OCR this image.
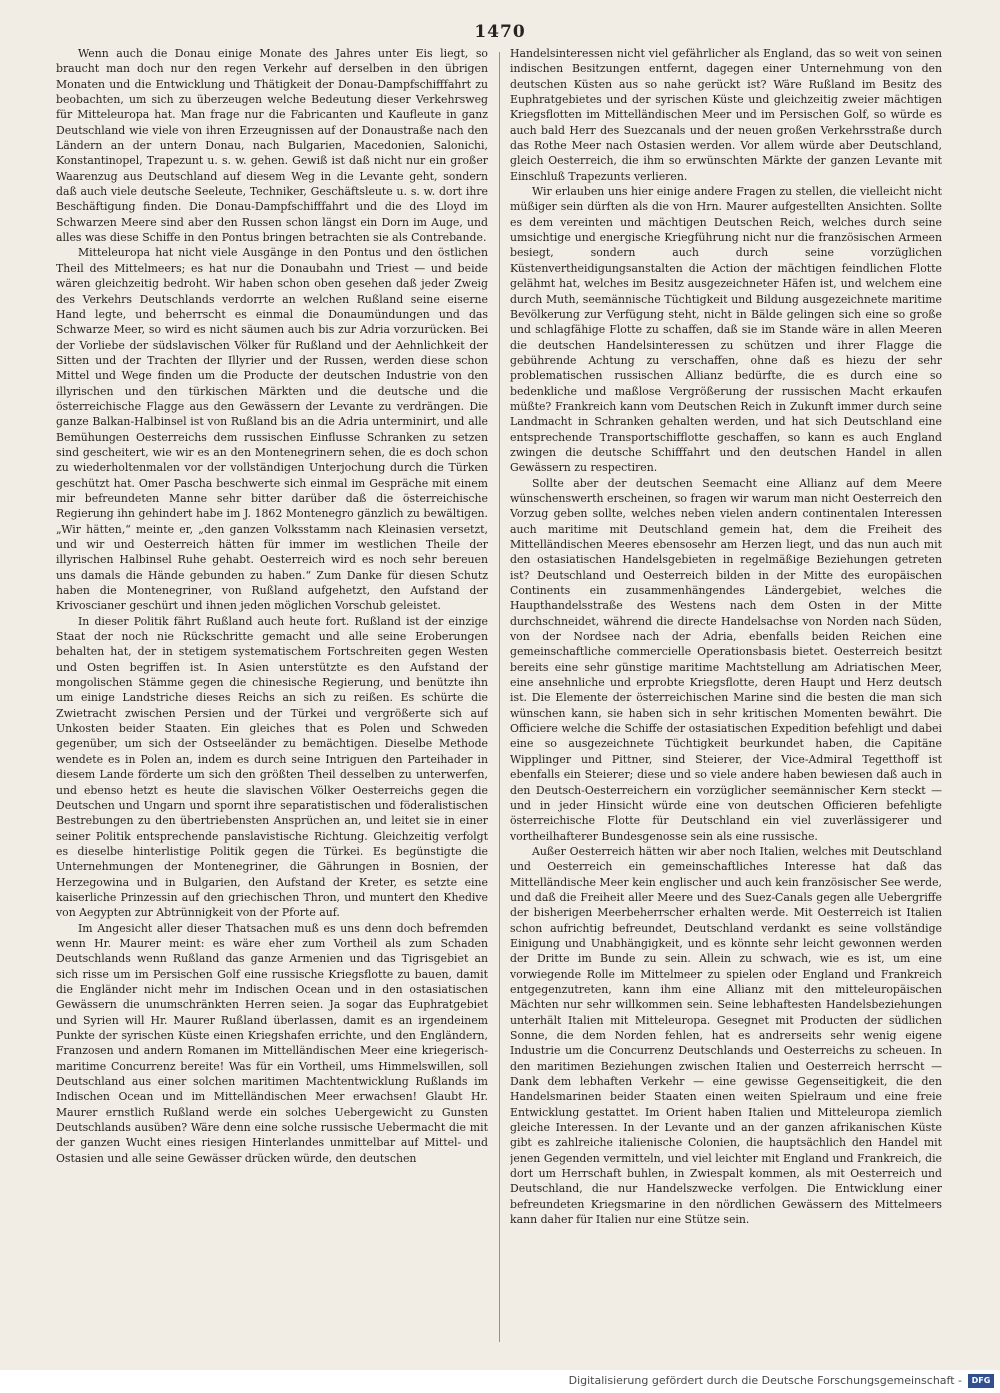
1470

Wenn auch die Donau einige Monate des Jahres unter Eis liegt, so braucht man doch nur den regen Verkehr auf derselben in den übrigen Monaten und die Entwicklung und Thätigkeit der Donau-Dampfschifffahrt zu beobachten, um sich zu überzeugen welche Bedeutung dieser Verkehrsweg für Mitteleuropa hat. Man frage nur die Fabricanten und Kaufleute in ganz Deutschland wie viele von ihren Erzeugnissen auf der Donaustraße nach den Ländern an der untern Donau, nach Bulgarien, Macedonien, Salonichi, Konstantinopel, Trapezunt u. s. w. gehen. Gewiß ist daß nicht nur ein großer Waarenzug aus Deutschland auf diesem Weg in die Levante geht, sondern daß auch viele deutsche Seeleute, Techniker, Geschäftsleute u. s. w. dort ihre Beschäftigung finden. Die Donau-Dampfschifffahrt und die des Lloyd im Schwarzen Meere sind aber den Russen schon längst ein Dorn im Auge, und alles was diese Schiffe in den Pontus bringen betrachten sie als Contrebande.

Mitteleuropa hat nicht viele Ausgänge in den Pontus und den östlichen Theil des Mittelmeers; es hat nur die Donaubahn und Triest — und beide wären gleichzeitig bedroht. Wir haben schon oben gesehen daß jeder Zweig des Verkehrs Deutschlands verdorrte an welchen Rußland seine eiserne Hand legte, und beherrscht es einmal die Donaumündungen und das Schwarze Meer, so wird es nicht säumen auch bis zur Adria vorzurücken. Bei der Vorliebe der südslavischen Völker für Rußland und der Aehnlichkeit der Sitten und der Trachten der Illyrier und der Russen, werden diese schon Mittel und Wege finden um die Producte der deutschen Industrie von den illyrischen und den türkischen Märkten und die deutsche und die österreichische Flagge aus den Gewässern der Levante zu verdrängen. Die ganze Balkan-Halbinsel ist von Rußland bis an die Adria unterminirt, und alle Bemühungen Oesterreichs dem russischen Einflusse Schranken zu setzen sind gescheitert, wie wir es an den Montenegrinern sehen, die es doch schon zu wiederholtenmalen vor der vollständigen Unterjochung durch die Türken geschützt hat. Omer Pascha beschwerte sich einmal im Gespräche mit einem mir befreundeten Manne sehr bitter darüber daß die österreichische Regierung ihn gehindert habe im J. 1862 Montenegro gänzlich zu bewältigen. „Wir hätten,“ meinte er, „den ganzen Volksstamm nach Kleinasien versetzt, und wir und Oesterreich hätten für immer im westlichen Theile der illyrischen Halbinsel Ruhe gehabt. Oesterreich wird es noch sehr bereuen uns damals die Hände gebunden zu haben.“ Zum Danke für diesen Schutz haben die Montenegriner, von Rußland aufgehetzt, den Aufstand der Krivoscianer geschürt und ihnen jeden möglichen Vorschub geleistet.

In dieser Politik fährt Rußland auch heute fort. Rußland ist der einzige Staat der noch nie Rückschritte gemacht und alle seine Eroberungen behalten hat, der in stetigem systematischem Fortschreiten gegen Westen und Osten begriffen ist. In Asien unterstützte es den Aufstand der mongolischen Stämme gegen die chinesische Regierung, und benützte ihn um einige Landstriche dieses Reichs an sich zu reißen. Es schürte die Zwietracht zwischen Persien und der Türkei und vergrößerte sich auf Unkosten beider Staaten. Ein gleiches that es Polen und Schweden gegenüber, um sich der Ostseeländer zu bemächtigen. Dieselbe Methode wendete es in Polen an, indem es durch seine Intriguen den Parteihader in diesem Lande förderte um sich den größten Theil desselben zu unterwerfen, und ebenso hetzt es heute die slavischen Völker Oesterreichs gegen die Deutschen und Ungarn und spornt ihre separatistischen und föderalistischen Bestrebungen zu den übertriebensten Ansprüchen an, und leitet sie in einer seiner Politik entsprechende panslavistische Richtung. Gleichzeitig verfolgt es dieselbe hinterlistige Politik gegen die Türkei. Es begünstigte die Unternehmungen der Montenegriner, die Gährungen in Bosnien, der Herzegowina und in Bulgarien, den Aufstand der Kreter, es setzte eine kaiserliche Prinzessin auf den griechischen Thron, und muntert den Khedive von Aegypten zur Abtrünnigkeit von der Pforte auf.

Im Angesicht aller dieser Thatsachen muß es uns denn doch befremden wenn Hr. Maurer meint: es wäre eher zum Vortheil als zum Schaden Deutschlands wenn Rußland das ganze Armenien und das Tigrisgebiet an sich risse um im Persischen Golf eine russische Kriegsflotte zu bauen, damit die Engländer nicht mehr im Indischen Ocean und in den ostasiatischen Gewässern die unumschränkten Herren seien. Ja sogar das Euphratgebiet und Syrien will Hr. Maurer Rußland überlassen, damit es an irgendeinem Punkte der syrischen Küste einen Kriegshafen errichte, und den Engländern, Franzosen und andern Romanen im Mittelländischen Meer eine kriegerisch-maritime Concurrenz bereite! Was für ein Vortheil, ums Himmelswillen, soll Deutschland aus einer solchen maritimen Machtentwicklung Rußlands im Indischen Ocean und im Mittelländischen Meer erwachsen! Glaubt Hr. Maurer ernstlich Rußland werde ein solches Uebergewicht zu Gunsten Deutschlands ausüben? Wäre denn eine solche russische Uebermacht die mit der ganzen Wucht eines riesigen Hinterlandes unmittelbar auf Mittel- und Ostasien und alle seine Gewässer drücken würde, den deutschen

Handelsinteressen nicht viel gefährlicher als England, das so weit von seinen indischen Besitzungen entfernt, dagegen einer Unternehmung von den deutschen Küsten aus so nahe gerückt ist? Wäre Rußland im Besitz des Euphratgebietes und der syrischen Küste und gleichzeitig zweier mächtigen Kriegsflotten im Mittelländischen Meer und im Persischen Golf, so würde es auch bald Herr des Suezcanals und der neuen großen Verkehrsstraße durch das Rothe Meer nach Ostasien werden. Vor allem würde aber Deutschland, gleich Oesterreich, die ihm so erwünschten Märkte der ganzen Levante mit Einschluß Trapezunts verlieren.

Wir erlauben uns hier einige andere Fragen zu stellen, die vielleicht nicht müßiger sein dürften als die von Hrn. Maurer aufgestellten Ansichten. Sollte es dem vereinten und mächtigen Deutschen Reich, welches durch seine umsichtige und energische Kriegführung nicht nur die französischen Armeen besiegt, sondern auch durch seine vorzüglichen Küstenvertheidigungsanstalten die Action der mächtigen feindlichen Flotte gelähmt hat, welches im Besitz ausgezeichneter Häfen ist, und welchem eine durch Muth, seemännische Tüchtigkeit und Bildung ausgezeichnete maritime Bevölkerung zur Verfügung steht, nicht in Bälde gelingen sich eine so große und schlagfähige Flotte zu schaffen, daß sie im Stande wäre in allen Meeren die deutschen Handelsinteressen zu schützen und ihrer Flagge die gebührende Achtung zu verschaffen, ohne daß es hiezu der sehr problematischen russischen Allianz bedürfte, die es durch eine so bedenkliche und maßlose Vergrößerung der russischen Macht erkaufen müßte? Frankreich kann vom Deutschen Reich in Zukunft immer durch seine Landmacht in Schranken gehalten werden, und hat sich Deutschland eine entsprechende Transportschifflotte geschaffen, so kann es auch England zwingen die deutsche Schifffahrt und den deutschen Handel in allen Gewässern zu respectiren.

Sollte aber der deutschen Seemacht eine Allianz auf dem Meere wünschenswerth erscheinen, so fragen wir warum man nicht Oesterreich den Vorzug geben sollte, welches neben vielen andern continentalen Interessen auch maritime mit Deutschland gemein hat, dem die Freiheit des Mittelländischen Meeres ebensosehr am Herzen liegt, und das nun auch mit den ostasiatischen Handelsgebieten in regelmäßige Beziehungen getreten ist? Deutschland und Oesterreich bilden in der Mitte des europäischen Continents ein zusammenhängendes Ländergebiet, welches die Haupthandelsstraße des Westens nach dem Osten in der Mitte durchschneidet, während die directe Handelsachse von Norden nach Süden, von der Nordsee nach der Adria, ebenfalls beiden Reichen eine gemeinschaftliche commercielle Operationsbasis bietet. Oesterreich besitzt bereits eine sehr günstige maritime Machtstellung am Adriatischen Meer, eine ansehnliche und erprobte Kriegsflotte, deren Haupt und Herz deutsch ist. Die Elemente der österreichischen Marine sind die besten die man sich wünschen kann, sie haben sich in sehr kritischen Momenten bewährt. Die Officiere welche die Schiffe der ostasiatischen Expedition befehligt und dabei eine so ausgezeichnete Tüchtigkeit beurkundet haben, die Capitäne Wipplinger und Pittner, sind Steierer, der Vice-Admiral Tegetthoff ist ebenfalls ein Steierer; diese und so viele andere haben bewiesen daß auch in den Deutsch-Oesterreichern ein vorzüglicher seemännischer Kern steckt — und in jeder Hinsicht würde eine von deutschen Officieren befehligte österreichische Flotte für Deutschland ein viel zuverlässigerer und vortheilhafterer Bundesgenosse sein als eine russische.

Außer Oesterreich hätten wir aber noch Italien, welches mit Deutschland und Oesterreich ein gemeinschaftliches Interesse hat daß das Mittelländische Meer kein englischer und auch kein französischer See werde, und daß die Freiheit aller Meere und des Suez-Canals gegen alle Uebergriffe der bisherigen Meerbeherrscher erhalten werde. Mit Oesterreich ist Italien schon aufrichtig befreundet, Deutschland verdankt es seine vollständige Einigung und Unabhängigkeit, und es könnte sehr leicht gewonnen werden der Dritte im Bunde zu sein. Allein zu schwach, wie es ist, um eine vorwiegende Rolle im Mittelmeer zu spielen oder England und Frankreich entgegenzutreten, kann ihm eine Allianz mit den mitteleuropäischen Mächten nur sehr willkommen sein. Seine lebhaftesten Handelsbeziehungen unterhält Italien mit Mitteleuropa. Gesegnet mit Producten der südlichen Sonne, die dem Norden fehlen, hat es andrerseits sehr wenig eigene Industrie um die Concurrenz Deutschlands und Oesterreichs zu scheuen. In den maritimen Beziehungen zwischen Italien und Oesterreich herrscht — Dank dem lebhaften Verkehr — eine gewisse Gegenseitigkeit, die den Handelsmarinen beider Staaten einen weiten Spielraum und eine freie Entwicklung gestattet. Im Orient haben Italien und Mitteleuropa ziemlich gleiche Interessen. In der Levante und an der ganzen afrikanischen Küste gibt es zahlreiche italienische Colonien, die hauptsächlich den Handel mit jenen Gegenden vermitteln, und viel leichter mit England und Frankreich, die dort um Herrschaft buhlen, in Zwiespalt kommen, als mit Oesterreich und Deutschland, die nur Handelszwecke verfolgen. Die Entwicklung einer befreundeten Kriegsmarine in den nördlichen Gewässern des Mittelmeers kann daher für Italien nur eine Stütze sein.

Digitalisierung gefördert durch die Deutsche Forschungsgemeinschaft -	DFG
